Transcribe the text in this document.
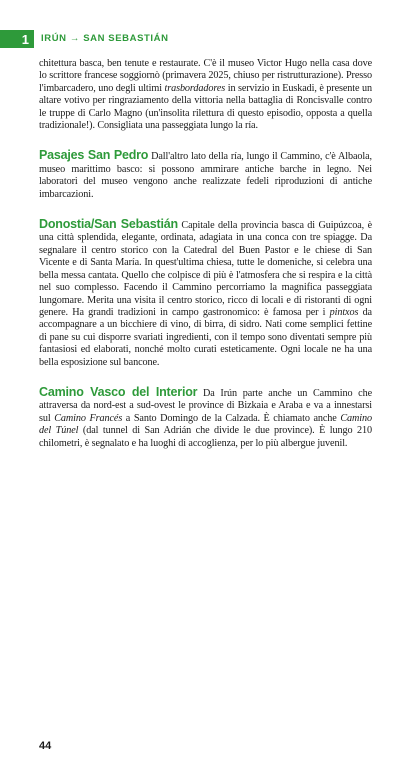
1 IRÚN → SAN SEBASTIÁN

chitettura basca, ben tenute e restaurate. C'è il museo Victor Hugo nella casa dove lo scrittore francese soggiornò (primavera 2025, chiuso per ristrutturazione). Presso l'imbarcadero, uno degli ultimi trasbordadores in servizio in Euskadi, è presente un altare votivo per ringraziamento della vittoria nella battaglia di Roncisvalle contro le truppe di Carlo Magno (un'insolita rilettura di questo episodio, opposta a quella tradizionale!). Consigliata una passeggiata lungo la ría.

Pasajes San Pedro Dall'altro lato della ría, lungo il Cammino, c'è Albaola, museo marittimo basco: si possono ammirare antiche barche in legno. Nei laboratori del museo vengono anche realizzate fedeli riproduzioni di antiche imbarcazioni.

Donostia/San Sebastián Capitale della provincia basca di Guipúzcoa, è una città splendida, elegante, ordinata, adagiata in una conca con tre spiagge. Da segnalare il centro storico con la Catedral del Buen Pastor e le chiese di San Vicente e di Santa María. In quest'ultima chiesa, tutte le domeniche, si celebra una bella messa cantata. Quello che colpisce di più è l'atmosfera che si respira e la città nel suo complesso. Facendo il Cammino percorriamo la magnifica passeggiata lungomare. Merita una visita il centro storico, ricco di locali e di ristoranti di ogni genere. Ha grandi tradizioni in campo gastronomico: è famosa per i pintxos da accompagnare a un bicchiere di vino, di birra, di sidro. Nati come semplici fettine di pane su cui disporre svariati ingredienti, con il tempo sono diventati sempre più fantasiosi ed elaborati, nonché molto curati esteticamente. Ogni locale ne ha una bella esposizione sul bancone.

Camino Vasco del Interior Da Irún parte anche un Cammino che attraversa da nord-est a sud-ovest le province di Bizkaia e Araba e va a innestarsi sul Camino Francés a Santo Domingo de la Calzada. È chiamato anche Camino del Túnel (dal tunnel di San Adrián che divide le due province). È lungo 210 chilometri, è segnalato e ha luoghi di accoglienza, per lo più albergue juvenil.

44
